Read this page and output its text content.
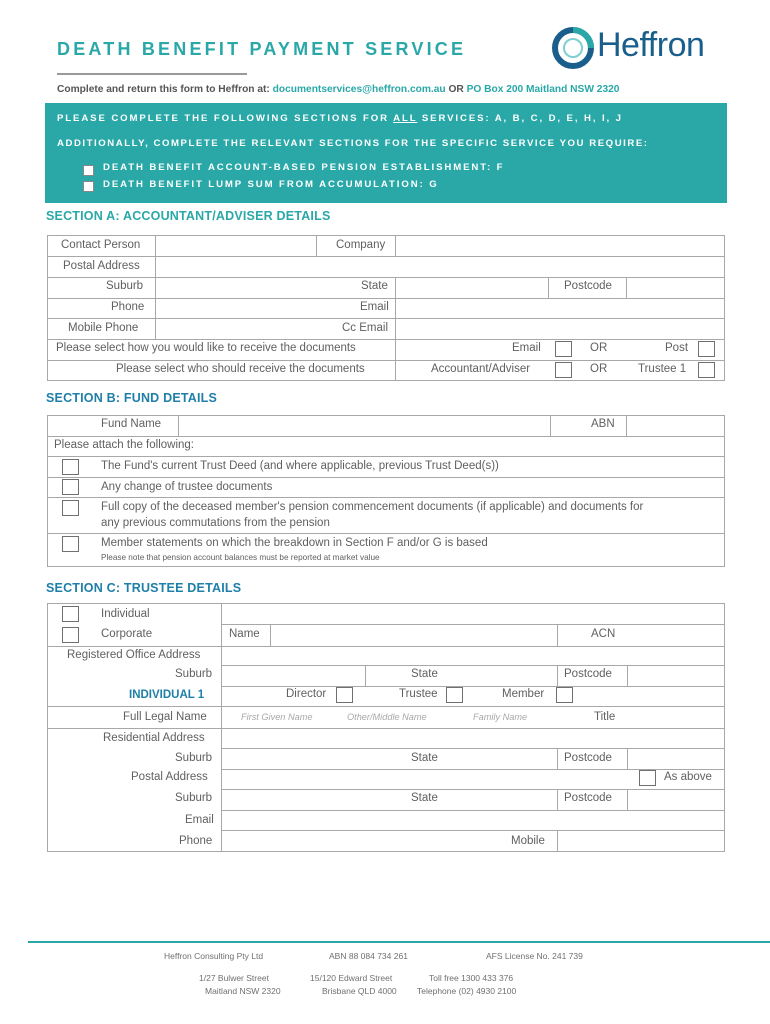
DEATH BENEFIT PAYMENT SERVICE	Heffron
Complete and return this form to Heffron at: documentservices@heffron.com.au OR PO Box 200 Maitland NSW 2320
PLEASE COMPLETE THE FOLLOWING SECTIONS FOR ALL SERVICES: A, B, C, D, E, H, I, J
ADDITIONALLY, COMPLETE THE RELEVANT SECTIONS FOR THE SPECIFIC SERVICE YOU REQUIRE:
DEATH BENEFIT ACCOUNT-BASED PENSION ESTABLISHMENT: F
DEATH BENEFIT LUMP SUM FROM ACCUMULATION: G
SECTION A: ACCOUNTANT/ADVISER DETAILS
Contact Person	Company
Postal Address
Suburb	State	Postcode
Phone	Email
Mobile Phone	Cc Email
Please select how you would like to receive the documents	Email	OR	Post
Please select who should receive the documents	Accountant/Adviser	OR	Trustee 1
SECTION B: FUND DETAILS
Fund Name	ABN
Please attach the following:
The Fund's current Trust Deed (and where applicable, previous Trust Deed(s))
Any change of trustee documents
Full copy of the deceased member's pension commencement documents (if applicable) and documents for
any previous commutations from the pension
Member statements on which the breakdown in Section F and/or G is based
Please note that pension account balances must be reported at market value
SECTION C: TRUSTEE DETAILS
Individual
Corporate	Name	ACN
Registered Office Address
Suburb	State	Postcode
INDIVIDUAL 1	Director	Trustee	Member
Full Legal Name	First Given Name	Other/Middle Name	Family Name	Title
Residential Address
Suburb	State	Postcode
Postal Address	As above
Suburb	State	Postcode
Email
Phone	Mobile
Heffron Consulting Pty Ltd	ABN 88 084 734 261	AFS License No. 241 739
1/27 Bulwer Street
Maitland NSW 2320
15/120 Edward Street
Brisbane QLD 4000
Toll free 1300 433 376
Telephone (02) 4930 2100
